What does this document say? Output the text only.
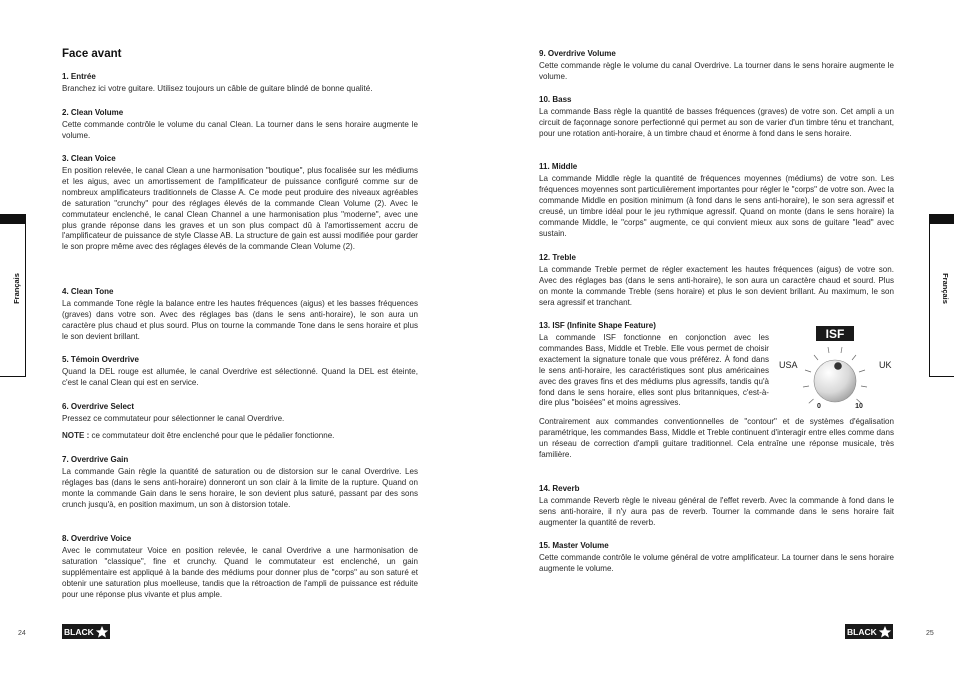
Français	Français
Face avant
1. Entrée

Branchez ici votre guitare. Utilisez toujours un câble de guitare blindé de bonne qualité.

2. Clean Volume

Cette commande contrôle le volume du canal Clean. La tourner dans le sens horaire augmente le volume.

3. Clean Voice

En position relevée, le canal Clean a une harmonisation "boutique", plus focalisée sur les médiums et les aigus, avec un amortissement de l'amplificateur de puissance configuré comme sur de nombreux amplificateurs traditionnels de Classe A. Ce mode peut produire des niveaux agréables de saturation "crunchy" pour des réglages élevés de la commande Clean Volume (2). Avec le commutateur enclenché, le canal Clean Channel a une harmonisation plus "moderne", avec une plus grande réponse dans les graves et un son plus compact dû à l'amortissement accru de l'amplificateur de puissance de style Classe AB. La structure de gain est aussi modifiée pour garder le son propre même avec des réglages élevés de la commande Clean Volume (2).

4. Clean Tone

La commande Tone règle la balance entre les hautes fréquences (aigus) et les basses fréquences (graves) dans votre son. Avec des réglages bas (dans le sens anti-horaire), le son aura un caractère plus chaud et plus sourd. Plus on tourne la commande Tone dans le sens horaire et plus le son devient brillant.

5. Témoin Overdrive

Quand la DEL rouge est allumée, le canal Overdrive est sélectionné. Quand la DEL est éteinte, c'est le canal Clean qui est en service.

6. Overdrive Select

Pressez ce commutateur pour sélectionner le canal Overdrive.

NOTE : ce commutateur doit être enclenché pour que le pédalier fonctionne.

7. Overdrive Gain

La commande Gain règle la quantité de saturation ou de distorsion sur le canal Overdrive. Les réglages bas (dans le sens anti-horaire) donneront un son clair à la limite de la rupture. Quand on monte la commande Gain dans le sens horaire, le son devient plus saturé, passant par des sons crunch jusqu'à, en position maximum, un son à distorsion totale.

8. Overdrive Voice

Avec le commutateur Voice en position relevée, le canal Overdrive a une harmonisation de saturation "classique", fine et crunchy. Quand le commutateur est enclenché, un gain supplémentaire est appliqué à la bande des médiums pour donner plus de "corps" au son saturé et obtenir une saturation plus moelleuse, tandis que la rétroaction de l'ampli de puissance est réduite pour une réponse plus vivante et plus ample.

9. Overdrive Volume

Cette commande règle le volume du canal Overdrive. La tourner dans le sens horaire augmente le volume.

10. Bass

La commande Bass règle la quantité de basses fréquences (graves) de votre son. Cet ampli a un circuit de façonnage sonore perfectionné qui permet au son de varier d'un timbre ténu et tranchant, pour une rotation anti-horaire, à un timbre chaud et énorme à fond dans le sens horaire.

11. Middle

La commande Middle règle la quantité de fréquences moyennes (médiums) de votre son. Les fréquences moyennes sont particulièrement importantes pour régler le "corps" de votre son. Avec la commande Middle en position minimum (à fond dans le sens anti-horaire), le son sera agressif et creusé, un timbre idéal pour le jeu rythmique agressif. Quand on monte (dans le sens horaire) la commande Middle, le "corps" augmente, ce qui convient mieux aux sons de guitare "lead" avec sustain.

12. Treble

La commande Treble permet de régler exactement les hautes fréquences (aigus) de votre son. Avec des réglages bas (dans le sens anti-horaire), le son aura un caractère chaud et sourd. Plus on monte la commande Treble (sens horaire) et plus le son devient brillant. Au maximum, le son sera agressif et tranchant.

13. ISF (Infinite Shape Feature)

La commande ISF fonctionne en conjonction avec les commandes Bass, Middle et Treble. Elle vous permet de choisir exactement la signature tonale que vous préférez. À fond dans le sens anti-horaire, les caractéristiques sont plus américaines avec des graves fins et des médiums plus agressifs, tandis qu'à fond dans le sens horaire, elles sont plus britanniques, c'est-à-dire plus "boisées" et moins agressives.

Contrairement aux commandes conventionnelles de "contour" et de systèmes d'égalisation paramétrique, les commandes Bass, Middle et Treble continuent d'interagir entre elles comme dans un réseau de correction d'ampli guitare traditionnel. Cela entraîne une réponse musicale, très familière.

14. Reverb

La commande Reverb règle le niveau général de l'effet reverb. Avec la commande à fond dans le sens anti-horaire, il n'y aura pas de reverb. Tourner la commande dans le sens horaire fait augmenter la quantité de reverb.

15. Master Volume

Cette commande contrôle le volume général de votre amplificateur. La tourner dans le sens horaire augmente le volume.

ISF
USA	UK
0	10
24	BLACK	BLACK	25
